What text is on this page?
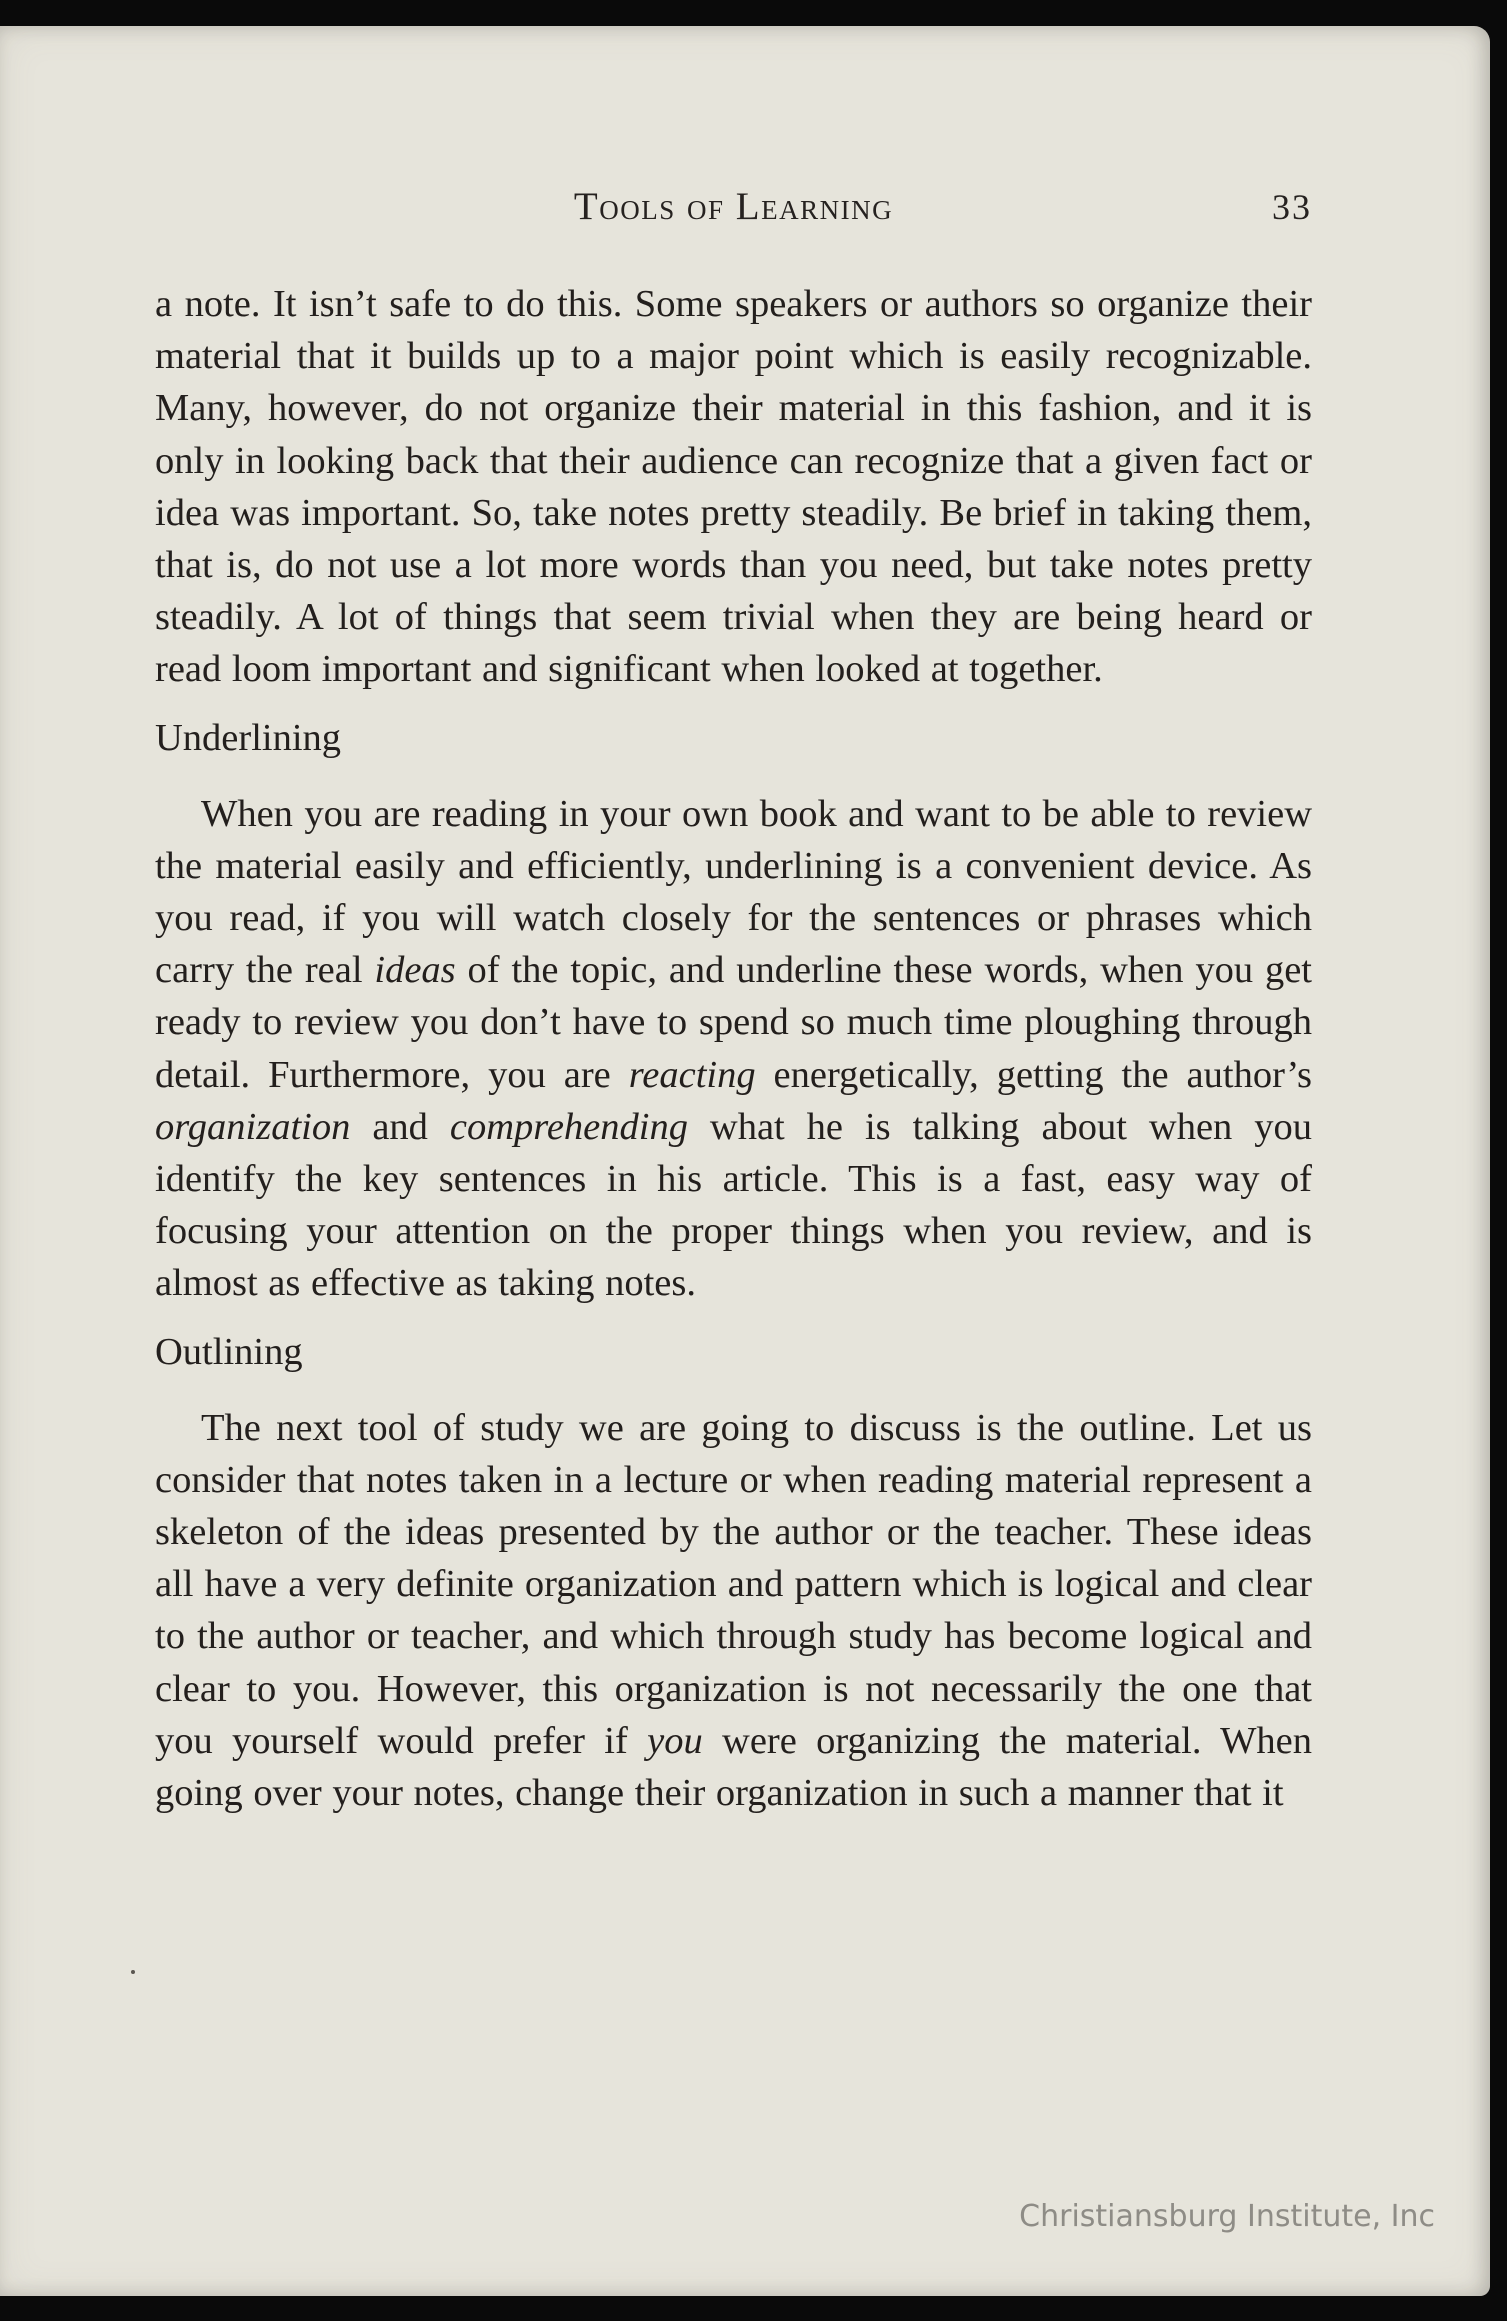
Tools of Learning	33

a note. It isn’t safe to do this. Some speakers or authors so organize their material that it builds up to a major point which is easily recognizable. Many, however, do not organize their material in this fashion, and it is only in looking back that their audience can recognize that a given fact or idea was important. So, take notes pretty steadily. Be brief in taking them, that is, do not use a lot more words than you need, but take notes pretty steadily. A lot of things that seem trivial when they are being heard or read loom important and significant when looked at together.

Underlining

When you are reading in your own book and want to be able to review the material easily and efficiently, underlining is a convenient device. As you read, if you will watch closely for the sentences or phrases which carry the real ideas of the topic, and underline these words, when you get ready to review you don’t have to spend so much time ploughing through detail. Furthermore, you are reacting energetically, getting the author’s organization and comprehending what he is talking about when you identify the key sentences in his article. This is a fast, easy way of focusing your attention on the proper things when you review, and is almost as effective as taking notes.

Outlining

The next tool of study we are going to discuss is the outline. Let us consider that notes taken in a lecture or when reading material represent a skeleton of the ideas presented by the author or the teacher. These ideas all have a very definite organization and pattern which is logical and clear to the author or teacher, and which through study has become logical and clear to you. However, this organization is not necessarily the one that you yourself would prefer if you were organizing the material. When going over your notes, change their organization in such a manner that it

Christiansburg Institute, Inc
